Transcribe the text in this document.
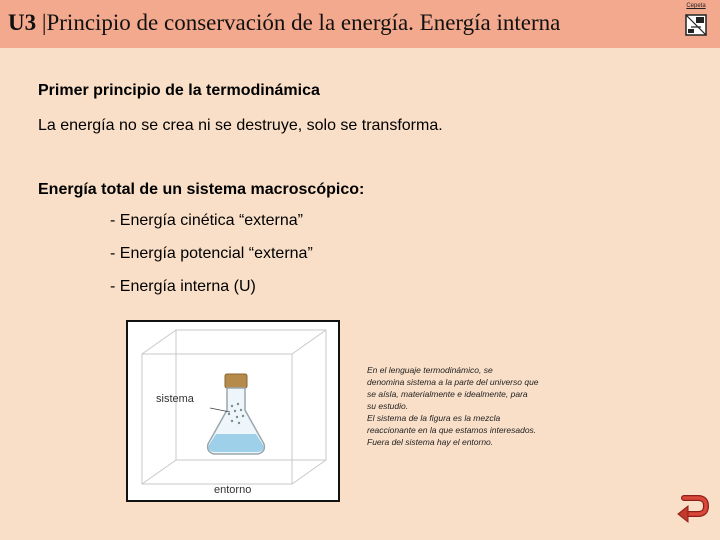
U3 |Principio de conservación de la energía. Energía interna
Cepeta
Primer principio de la termodinámica
La energía no se crea ni se destruye, solo se transforma.
Energía total de un sistema macroscópico:
- Energía cinética “externa”
- Energía potencial “externa”
- Energía interna (U)
sistema
entorno
En el lenguaje termodinámico, se
denomina sistema a la parte del universo que
se aísla, materialmente e idealmente, para
su estudio.
El sistema de la figura es la mezcla
reaccionante en la que estamos interesados.
Fuera del sistema hay el entorno.
